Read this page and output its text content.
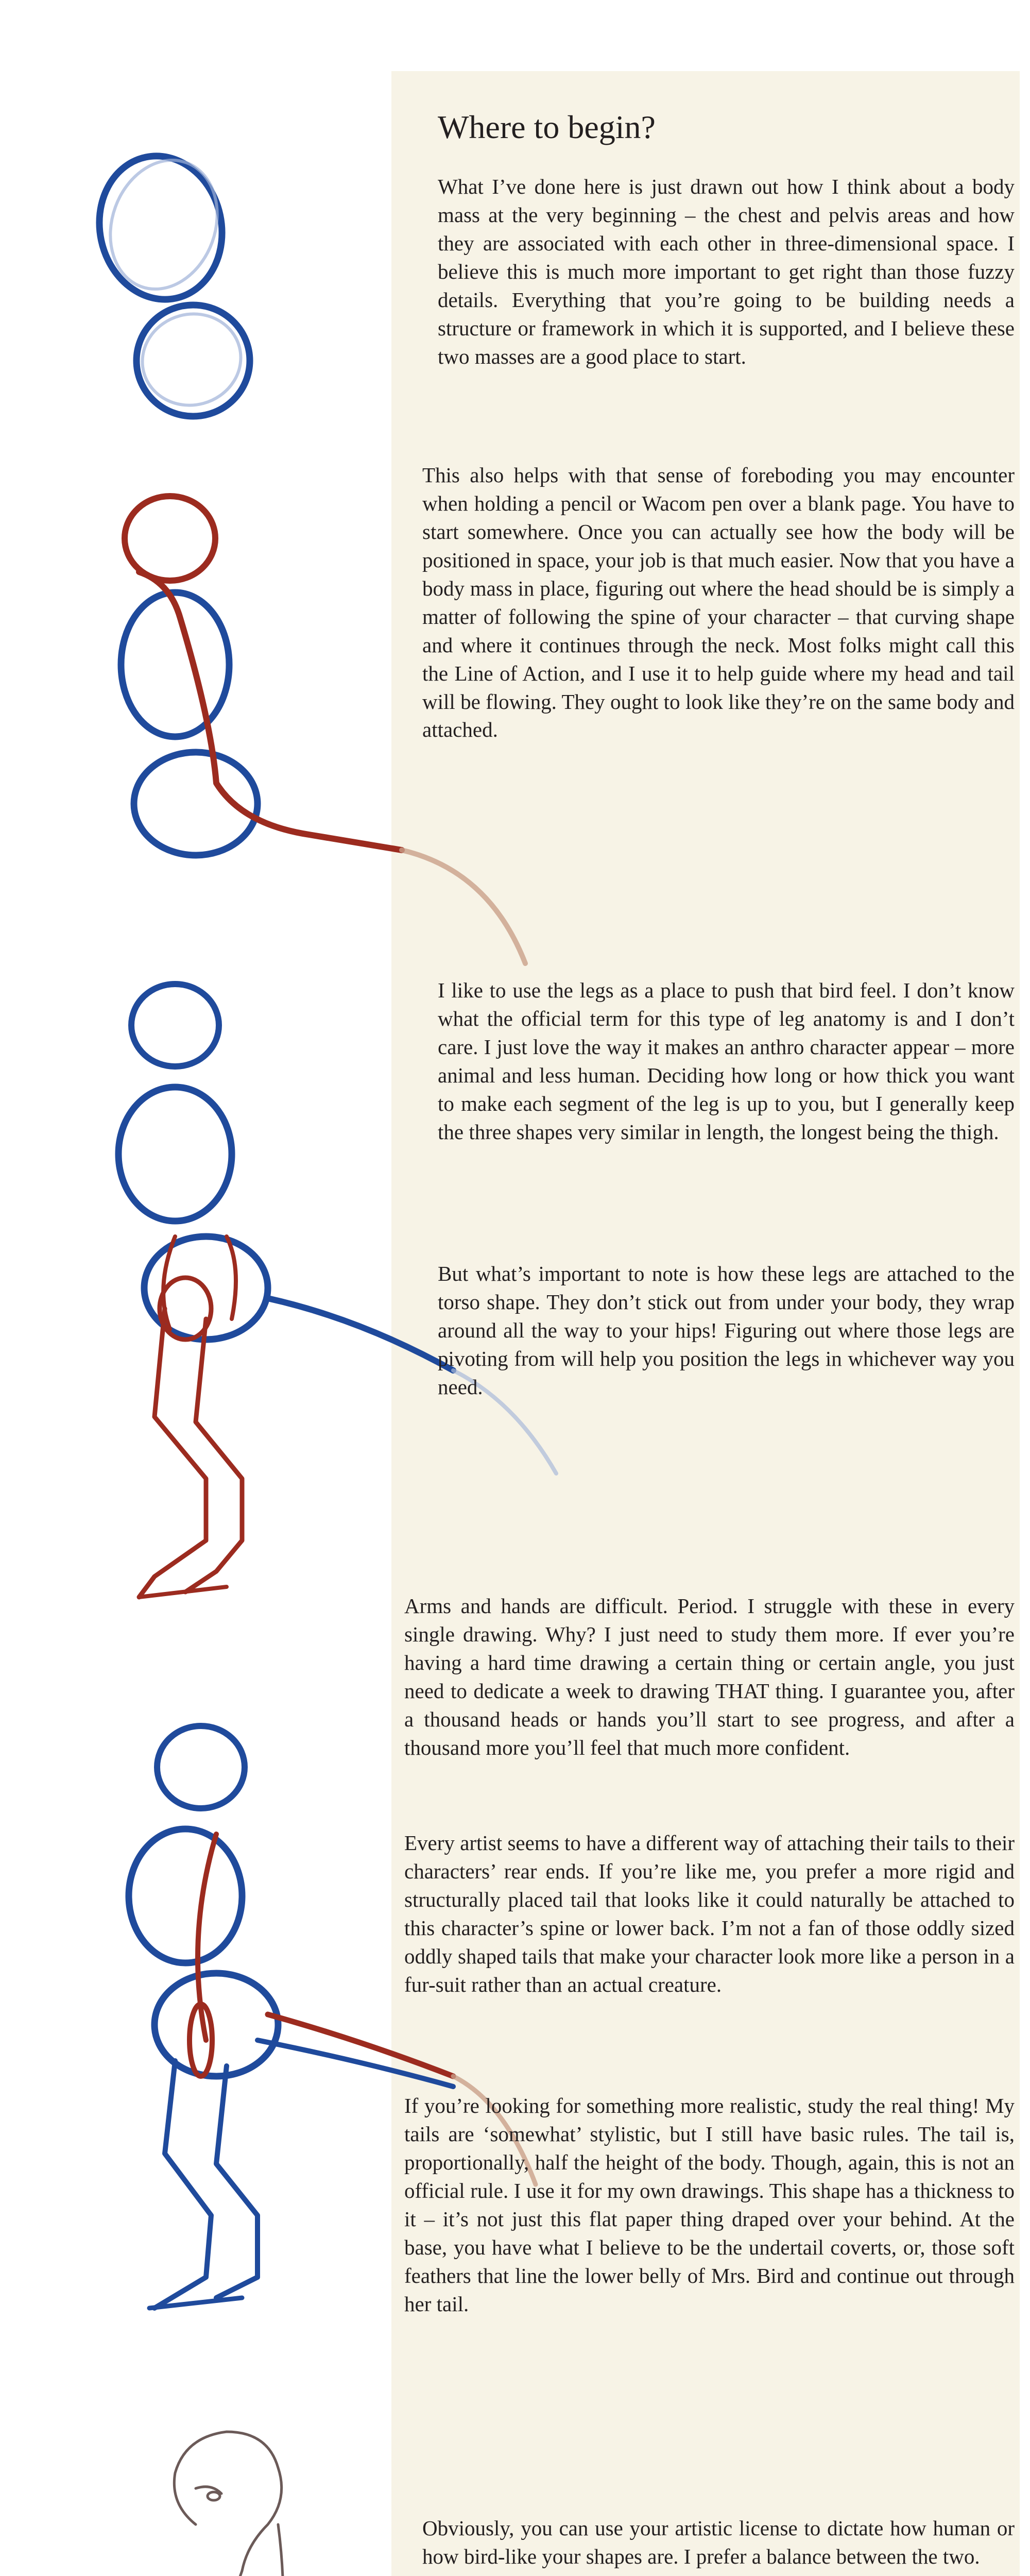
Where to begin?

What I’ve done here is just drawn out how I think about a body mass at the very beginning – the chest and pelvis areas and how they are associated with each other in three-dimensional space. I believe this is much more important to get right than those fuzzy details. Everything that you’re going to be building needs a structure or framework in which it is supported, and I believe these two masses are a good place to start.

This also helps with that sense of foreboding you may encounter when holding a pencil or Wacom pen over a blank page. You have to start somewhere. Once you can actually see how the body will be positioned in space, your job is that much easier. Now that you have a body mass in place, figuring out where the head should be is simply a matter of following the spine of your character – that curving shape and where it continues through the neck. Most folks might call this the Line of Action, and I use it to help guide where my head and tail will be flowing. They ought to look like they’re on the same body and attached.

I like to use the legs as a place to push that bird feel. I don’t know what the official term for this type of leg anatomy is and I don’t care. I just love the way it makes an anthro character appear – more animal and less human. Deciding how long or how thick you want to make each segment of the leg is up to you, but I generally keep the three shapes very similar in length, the longest being the thigh.

But what’s important to note is how these legs are attached to the torso shape. They don’t stick out from under your body, they wrap around all the way to your hips! Figuring out where those legs are pivoting from will help you position the legs in whichever way you need.

Arms and hands are difficult. Period. I struggle with these in every single drawing. Why? I just need to study them more. If ever you’re having a hard time drawing a certain thing or certain angle, you just need to dedicate a week to drawing THAT thing. I guarantee you, after a thousand heads or hands you’ll start to see progress, and after a thousand more you’ll feel that much more confident.

Every artist seems to have a different way of attaching their tails to their characters’ rear ends. If you’re like me, you prefer a more rigid and structurally placed tail that looks like it could naturally be attached to this character’s spine or lower back. I’m not a fan of those oddly sized oddly shaped tails that make your character look more like a person in a fur-suit rather than an actual creature.

If you’re looking for something more realistic, study the real thing! My tails are ‘somewhat’ stylistic, but I still have basic rules. The tail is, proportionally, half the height of the body. Though, again, this is not an official rule. I use it for my own drawings. This shape has a thickness to it – it’s not just this flat paper thing draped over your behind. At the base, you have what I believe to be the undertail coverts, or, those soft feathers that line the lower belly of Mrs. Bird and continue out through her tail.

Obviously, you can use your artistic license to dictate how human or how bird-like your shapes are. I prefer a balance between the two.
